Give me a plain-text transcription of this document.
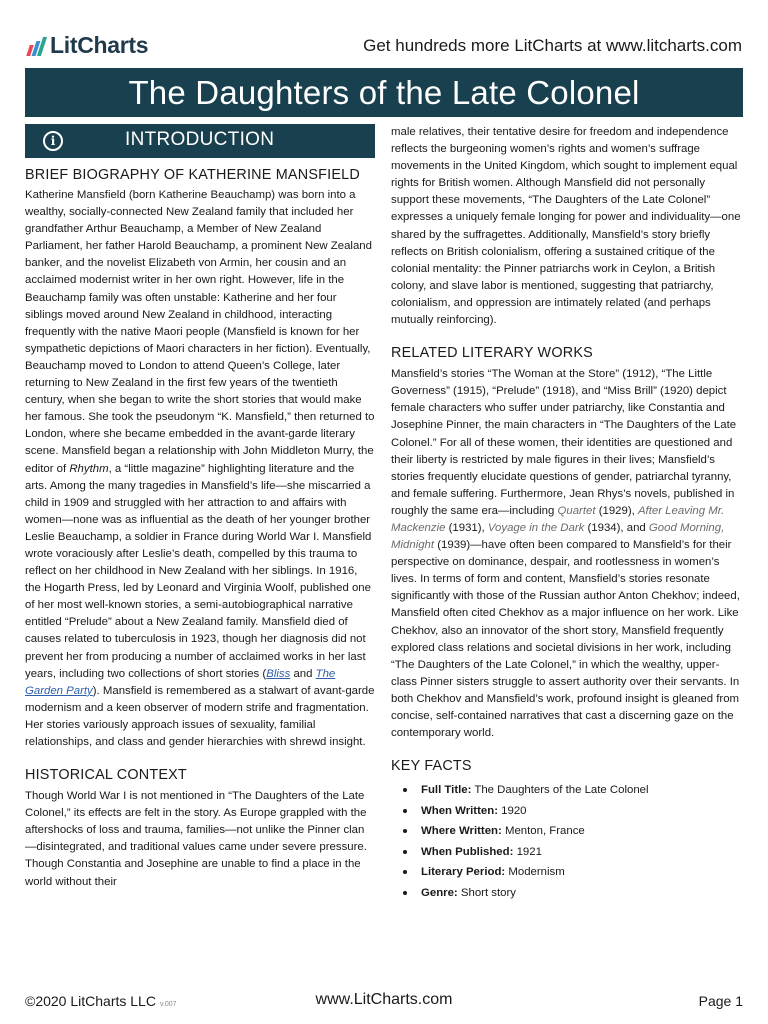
LitCharts	Get hundreds more LitCharts at www.litcharts.com
The Daughters of the Late Colonel
i	INTRODUCTION
BRIEF BIOGRAPHY OF KATHERINE MANSFIELD

Katherine Mansfield (born Katherine Beauchamp) was born into a wealthy, socially-connected New Zealand family that included her grandfather Arthur Beauchamp, a Member of New Zealand Parliament, her father Harold Beauchamp, a prominent New Zealand banker, and the novelist Elizabeth von Armin, her cousin and an acclaimed modernist writer in her own right. However, life in the Beauchamp family was often unstable: Katherine and her four siblings moved around New Zealand in childhood, interacting frequently with the native Maori people (Mansfield is known for her sympathetic depictions of Maori characters in her fiction). Eventually, Beauchamp moved to London to attend Queen’s College, later returning to New Zealand in the first few years of the twentieth century, when she began to write the short stories that would make her famous. She took the pseudonym “K. Mansfield,” then returned to London, where she became embedded in the avant-garde literary scene. Mansfield began a relationship with John Middleton Murry, the editor of Rhythm, a “little magazine” highlighting literature and the arts. Among the many tragedies in Mansfield’s life—she miscarried a child in 1909 and struggled with her attraction to and affairs with women—none was as influential as the death of her younger brother Leslie Beauchamp, a soldier in France during World War I. Mansfield wrote voraciously after Leslie’s death, compelled by this trauma to reflect on her childhood in New Zealand with her siblings. In 1916, the Hogarth Press, led by Leonard and Virginia Woolf, published one of her most well-known stories, a semi-autobiographical narrative entitled “Prelude” about a New Zealand family. Mansfield died of causes related to tuberculosis in 1923, though her diagnosis did not prevent her from producing a number of acclaimed works in her last years, including two collections of short stories (Bliss and The Garden Party). Mansfield is remembered as a stalwart of avant-garde modernism and a keen observer of modern strife and fragmentation. Her stories variously approach issues of sexuality, familial relationships, and class and gender hierarchies with shrewd insight.

HISTORICAL CONTEXT

Though World War I is not mentioned in “The Daughters of the Late Colonel,” its effects are felt in the story. As Europe grappled with the aftershocks of loss and trauma, families—not unlike the Pinner clan—disintegrated, and traditional values came under severe pressure. Though Constantia and Josephine are unable to find a place in the world without their

male relatives, their tentative desire for freedom and independence reflects the burgeoning women’s rights and women’s suffrage movements in the United Kingdom, which sought to implement equal rights for British women. Although Mansfield did not personally support these movements, “The Daughters of the Late Colonel” expresses a uniquely female longing for power and individuality—one shared by the suffragettes. Additionally, Mansfield’s story briefly reflects on British colonialism, offering a sustained critique of the colonial mentality: the Pinner patriarchs work in Ceylon, a British colony, and slave labor is mentioned, suggesting that patriarchy, colonialism, and oppression are intimately related (and perhaps mutually reinforcing).

RELATED LITERARY WORKS

Mansfield’s stories “The Woman at the Store” (1912), “The Little Governess” (1915), “Prelude” (1918), and “Miss Brill” (1920) depict female characters who suffer under patriarchy, like Constantia and Josephine Pinner, the main characters in “The Daughters of the Late Colonel.” For all of these women, their identities are questioned and their liberty is restricted by male figures in their lives; Mansfield’s stories frequently elucidate questions of gender, patriarchal tyranny, and female suffering. Furthermore, Jean Rhys’s novels, published in roughly the same era—including Quartet (1929), After Leaving Mr. Mackenzie (1931), Voyage in the Dark (1934), and Good Morning, Midnight (1939)—have often been compared to Mansfield’s for their perspective on dominance, despair, and rootlessness in women’s lives. In terms of form and content, Mansfield’s stories resonate significantly with those of the Russian author Anton Chekhov; indeed, Mansfield often cited Chekhov as a major influence on her work. Like Chekhov, also an innovator of the short story, Mansfield frequently explored class relations and societal divisions in her work, including “The Daughters of the Late Colonel,” in which the wealthy, upper-class Pinner sisters struggle to assert authority over their servants. In both Chekhov and Mansfield’s work, profound insight is gleaned from concise, self-contained narratives that cast a discerning gaze on the contemporary world.

KEY FACTS
Full Title: The Daughters of the Late Colonel
When Written: 1920
Where Written: Menton, France
When Published: 1921
Literary Period: Modernism
Genre: Short story
©2020 LitCharts LLC v.007	www.LitCharts.com	Page 1
